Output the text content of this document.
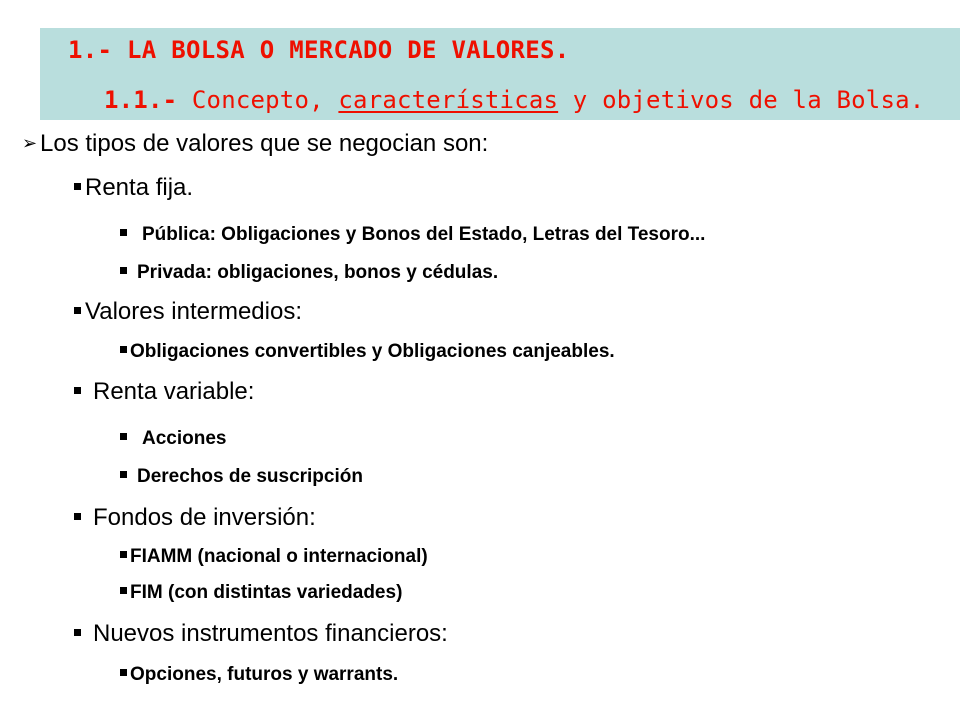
1.- LA BOLSA O MERCADO DE VALORES.
1.1.- Concepto, características y objetivos de la Bolsa.
➢ Los tipos de valores que se negocian son:
Renta fija.
Pública: Obligaciones y Bonos del Estado, Letras del Tesoro...
Privada: obligaciones, bonos y cédulas.
Valores intermedios:
Obligaciones convertibles y Obligaciones canjeables.
Renta variable:
Acciones
Derechos de suscripción
Fondos de inversión:
FIAMM (nacional o internacional)
FIM (con distintas variedades)
Nuevos instrumentos financieros:
Opciones, futuros y warrants.
